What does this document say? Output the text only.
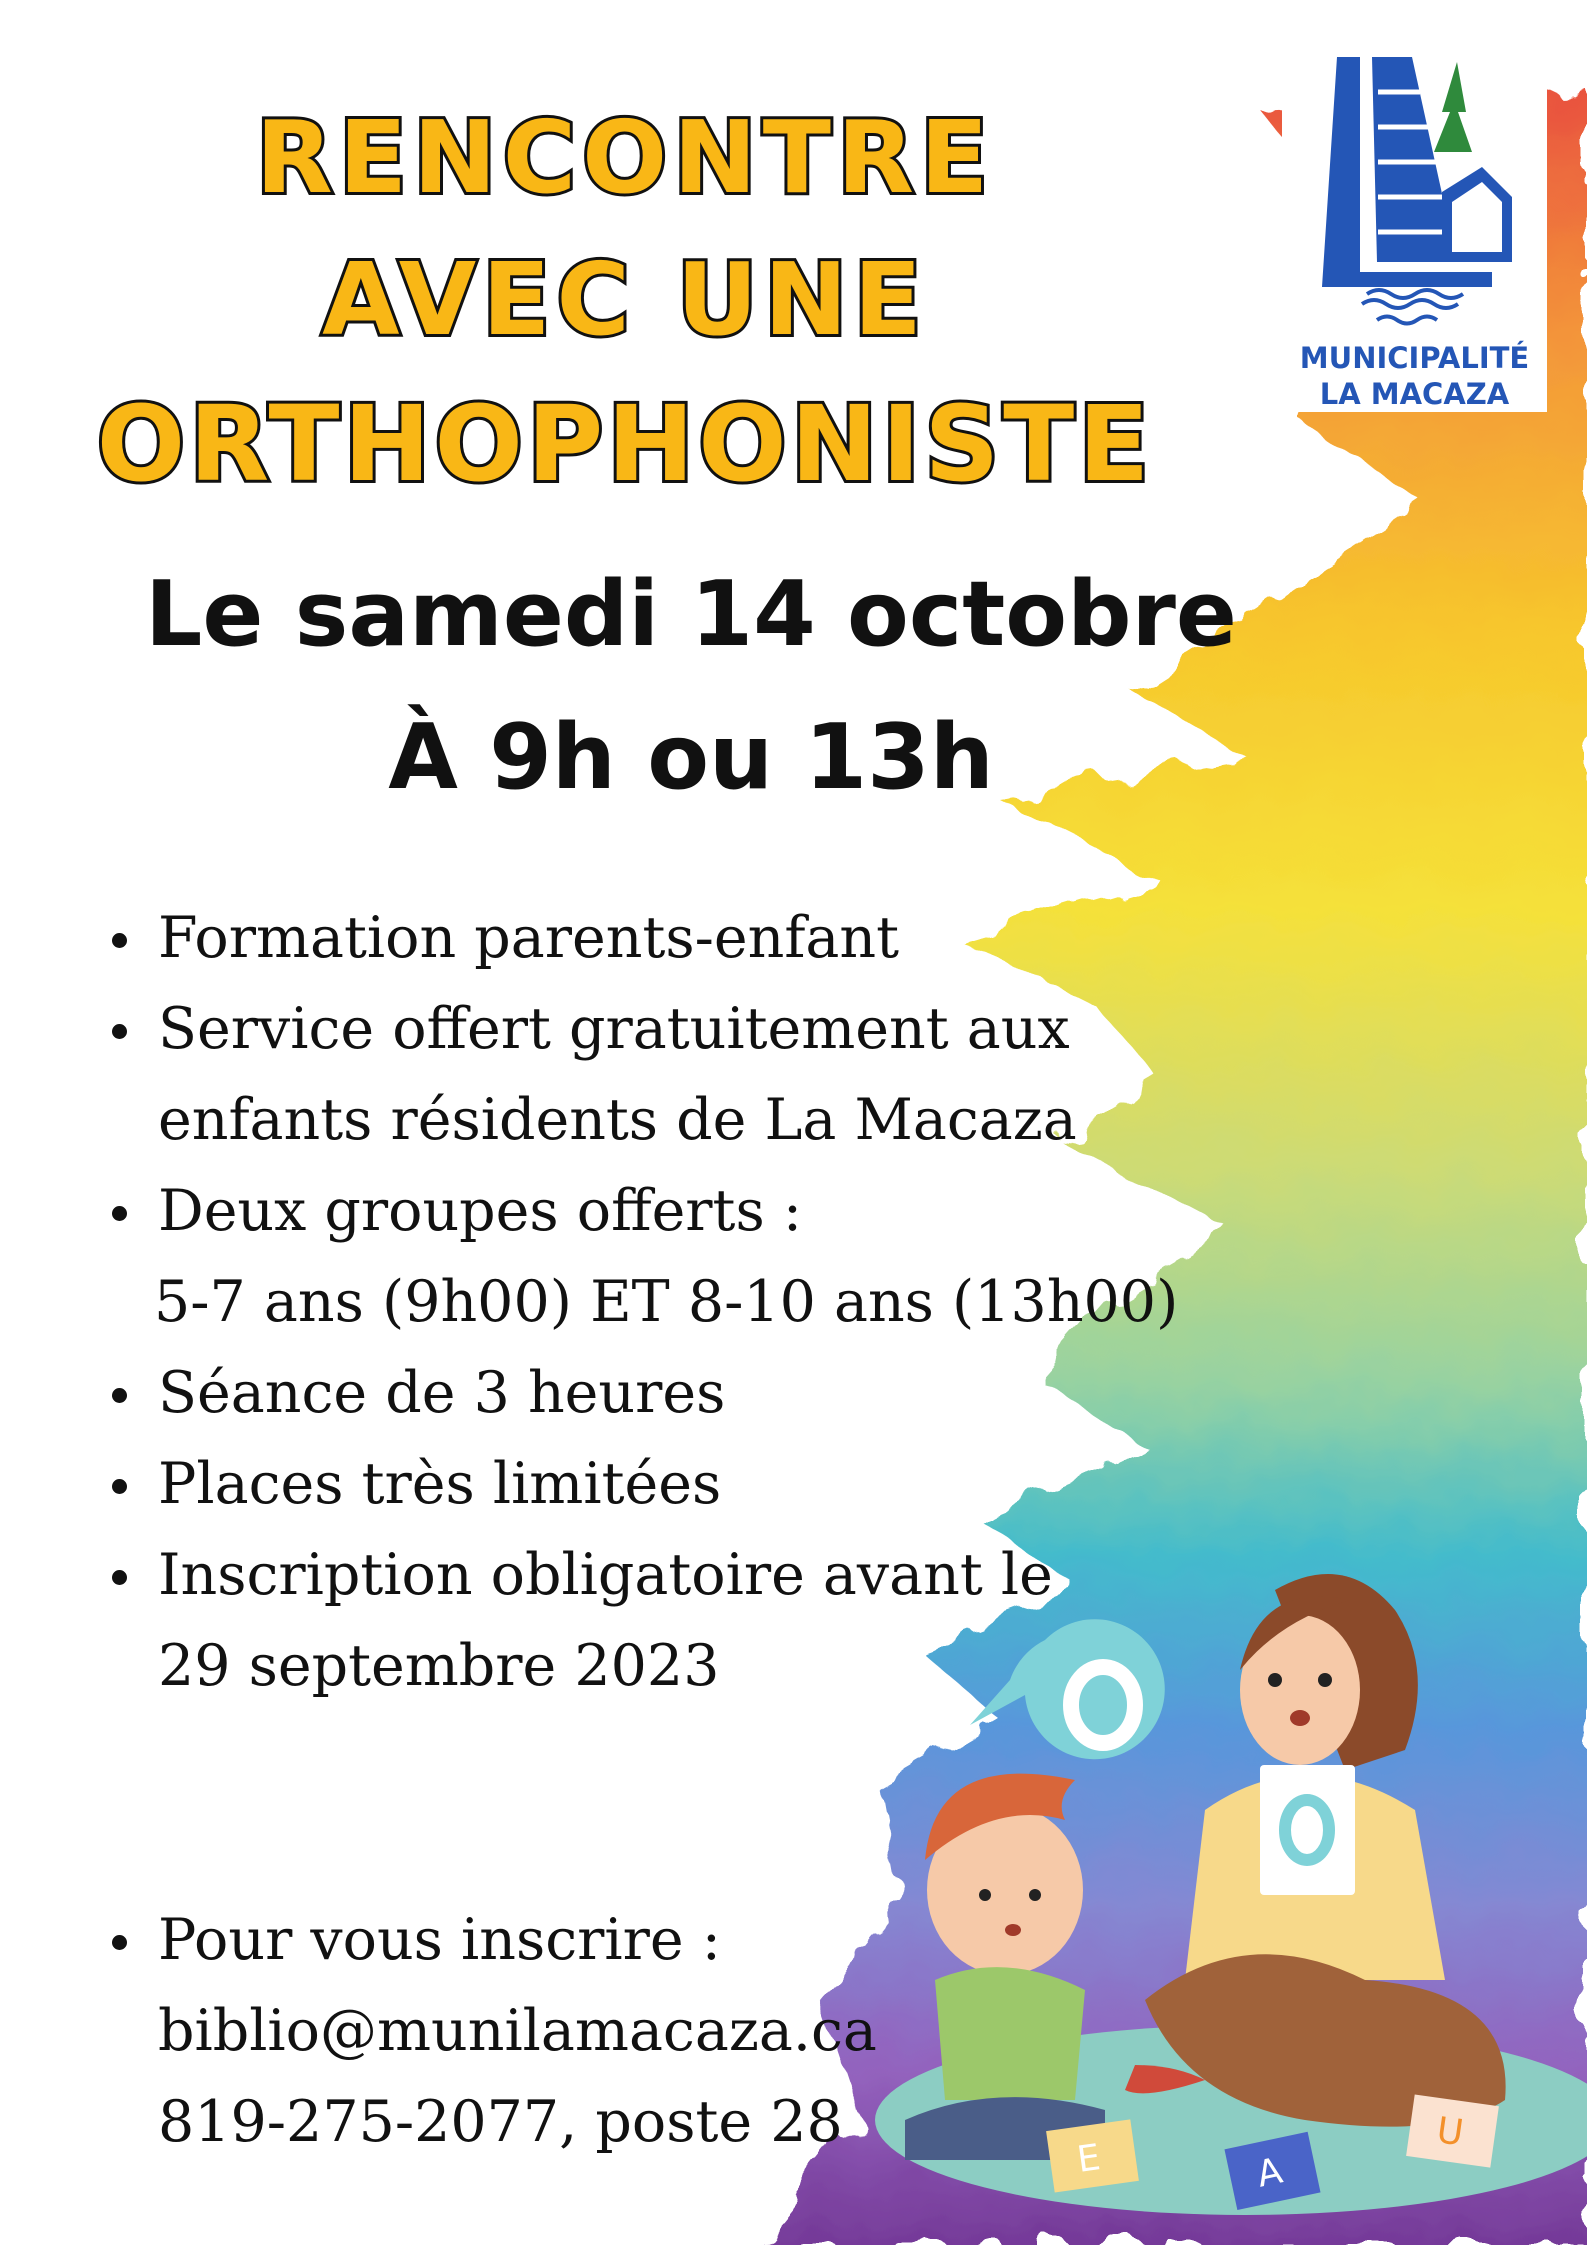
RENCONTRE
AVEC UNE
ORTHOPHONISTE
Le samedi 14 octobre
À 9h ou 13h
Formation parents-enfant
Service offert gratuitement aux
enfants résidents de La Macaza
Deux groupes offerts :
5-7 ans (9h00) ET 8-10 ans (13h00)
Séance de 3 heures
Places très limitées
Inscription obligatoire avant le
29 septembre 2023
Pour vous inscrire :
biblio@munilamacaza.ca
819-275-2077, poste 28
MUNICIPALITÉ
LA MACAZA
E	A
U
